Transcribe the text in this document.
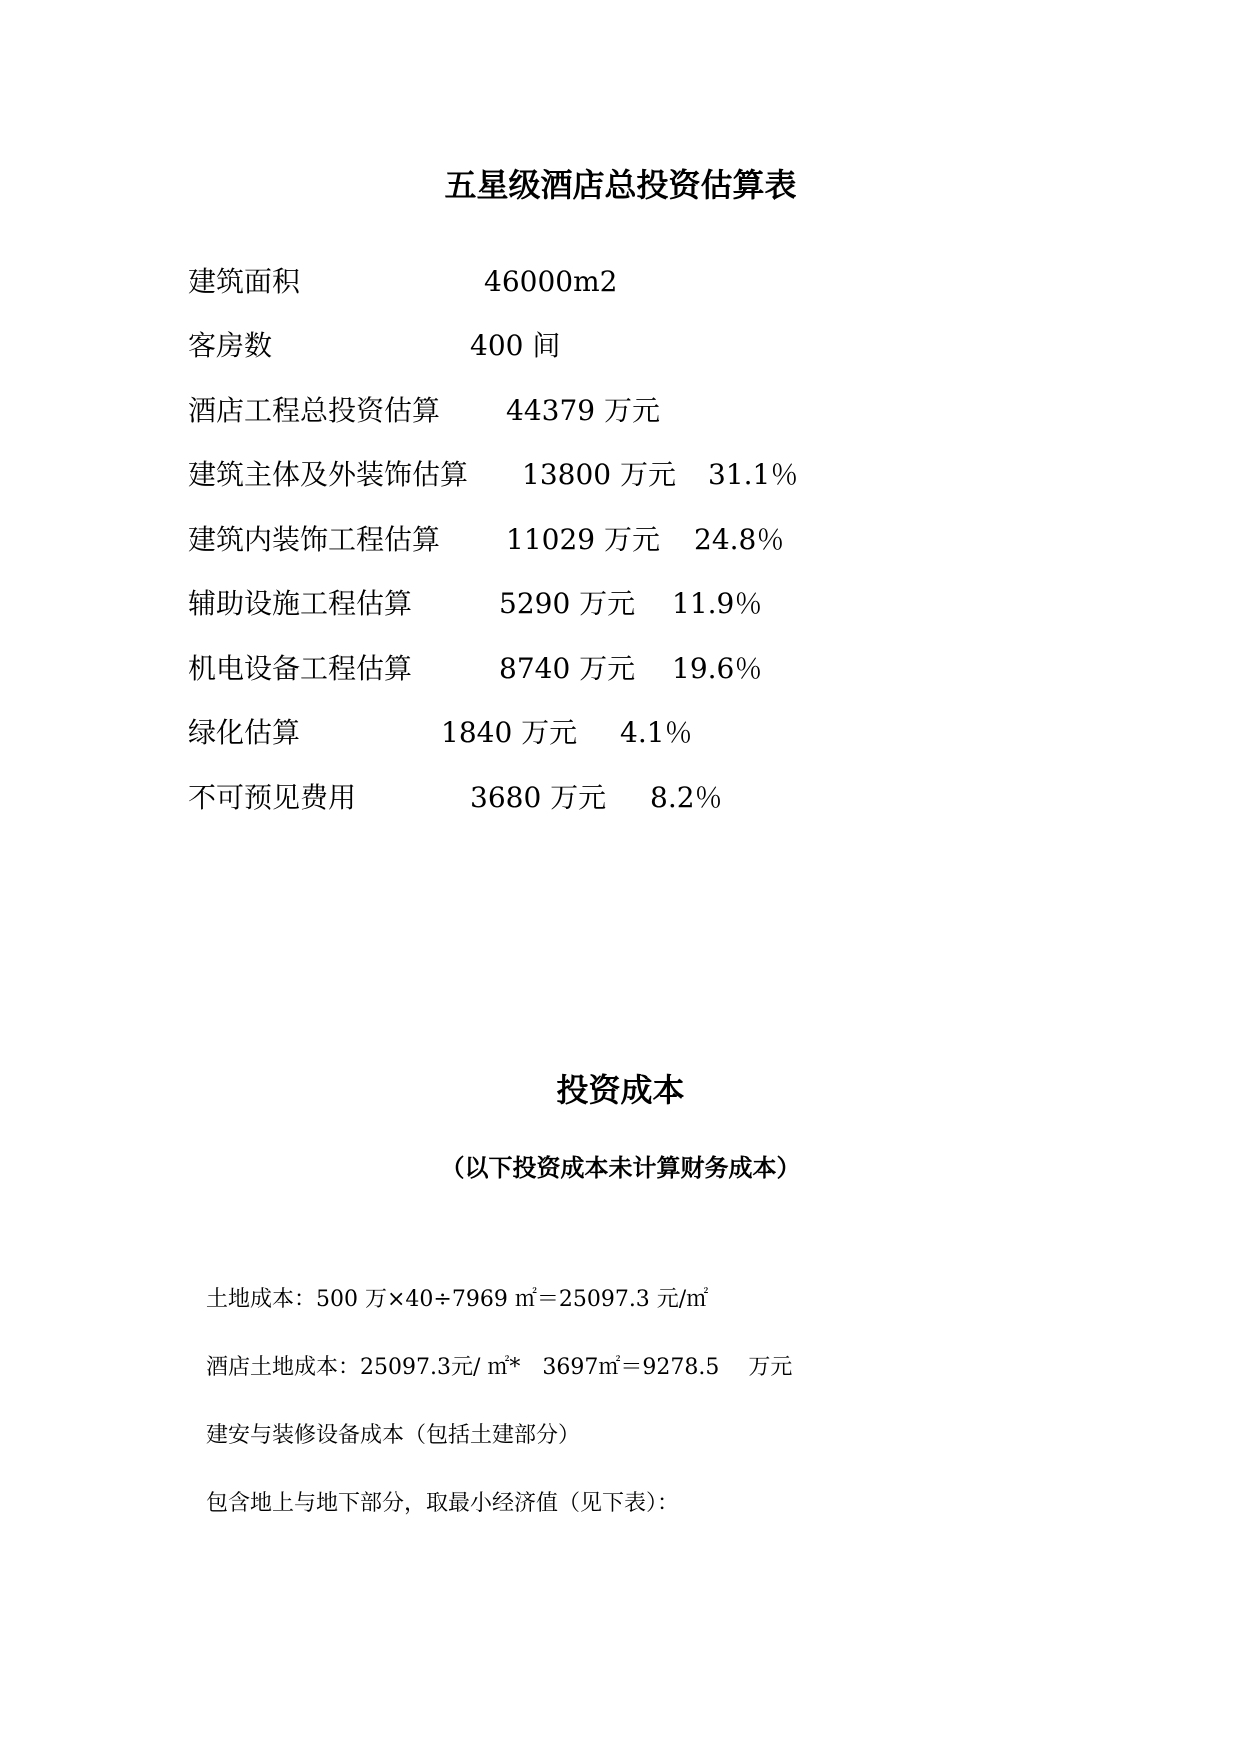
五星级酒店总投资估算表
建筑面积	46000m2
客房数	400 间
酒店工程总投资估算 44379 万元
建筑主体及外装饰估算 13800 万元 31.1％
建筑内装饰工程估算 11029 万元 24.8％
辅助设施工程估算	5290 万元 11.9％
机电设备工程估算	8740 万元 19.6％
绿化估算	1840 万元 4.1％
不可预见费用	3680 万元 8.2％
投资成本

（以下投资成本未计算财务成本）

土地成本：500 万×40÷7969 ㎡＝25097.3 元/㎡

酒店土地成本：25097.3元/ ㎡*　3697㎡＝9278.5　 万元

建安与装修设备成本（包括土建部分）

包含地上与地下部分，取最小经济值（见下表）：
